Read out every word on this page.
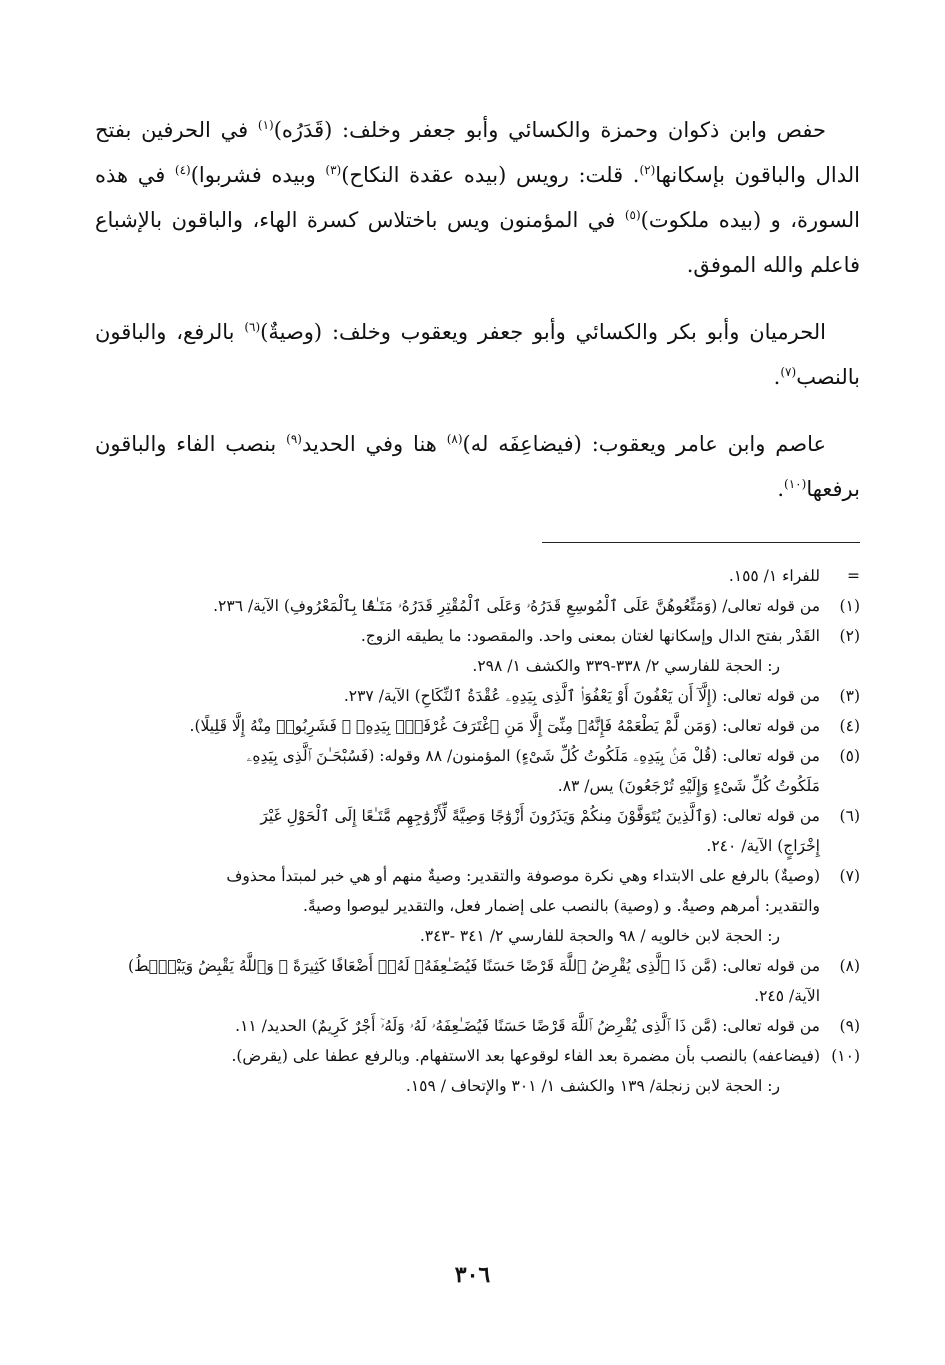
حفص وابن ذكوان وحمزة والكسائي وأبو جعفر وخلف: (قَدَرُه)$^{(١)}$ في الحرفين بفتح الدال والباقون بإسكانها$^{(٢)}$. قلت: رويس (بيده عقدة النكاح)$^{(٣)}$ وبيده فشربوا)$^{(٤)}$ في هذه السورة، و (بيده ملكوت)$^{(٥)}$ في المؤمنون ويس باختلاس كسرة الهاء، والباقون بالإشباع فاعلم والله الموفق.

الحرميان وأبو بكر والكسائي وأبو جعفر ويعقوب وخلف: (وصيةٌ)$^{(٦)}$ بالرفع، والباقون بالنصب$^{(٧)}$.

عاصم وابن عامر ويعقوب: (فيضاعِفَه له)$^{(٨)}$ هنا وفي الحديد$^{(٩)}$ بنصب الفاء والباقون برفعها$^{(١٠)}$.

=
للفراء ١/ ١٥٥.
(١)
من قوله تعالى/ (وَمَتِّعُوهُنَّ عَلَى ٱلْمُوسِعِ قَدَرُهُۥ وَعَلَى ٱلْمُقْتِرِ قَدَرُهُۥ مَتَـٰعًۢا بِٱلْمَعْرُوفِ) الآية/ ٢٣٦.
(٢)
القَدْر بفتح الدال وإسكانها لغتان بمعنى واحد. والمقصود: ما يطيقه الزوج.
ر: الحجة للفارسي ٢/ ٣٣٨-٣٣٩ والكشف ١/ ٢٩٨.
(٣)
من قوله تعالى: (إِلَّآ أَن يَعْفُونَ أَوْ يَعْفُوَا۟ ٱلَّذِى بِيَدِهِۦ عُقْدَةُ ٱلنِّكَاحِ) الآية/ ٢٣٧.
(٤)
من قوله تعالى: (وَمَن لَّمْ يَطْعَمْهُ فَإِنَّهُۥ مِنِّىٓ إِلَّا مَنِ ٱغْتَرَفَ غُرْفَةًۢ بِيَدِهِۦ ۚ فَشَرِبُوا۟ مِنْهُ إِلَّا قَلِيلًا).
(٥)
من قوله تعالى: (قُلْ مَنۢ بِيَدِهِۦ مَلَكُوتُ كُلِّ شَىْءٍ) المؤمنون/ ٨٨ وقوله: (فَسُبْحَـٰنَ ٱلَّذِى بِيَدِهِۦ
مَلَكُوتُ كُلِّ شَىْءٍ وَإِلَيْهِ تُرْجَعُونَ) يس/ ٨٣.
(٦)
من قوله تعالى: (وَٱلَّذِينَ يُتَوَفَّوْنَ مِنكُمْ وَيَذَرُونَ أَزْوَٰجًا وَصِيَّةً لِّأَزْوَٰجِهِم مَّتَـٰعًا إِلَى ٱلْحَوْلِ غَيْرَ
إِخْرَاجٍ) الآية/ ٢٤٠.
(٧)
(وصيةٌ) بالرفع على الابتداء وهي نكرة موصوفة والتقدير: وصيةٌ منهم أو هي خبر لمبتدأ محذوف
والتقدير: أمرهم وصيةٌ. و (وصية) بالنصب على إضمار فعل، والتقدير ليوصوا وصيةً.
ر: الحجة لابن خالويه / ٩٨ والحجة للفارسي ٢/ ٣٤١ -٣٤٣.
(٨)
من قوله تعالى: (مَّن ذَا ٱلَّذِى يُقْرِضُ ٱللَّهَ قَرْضًا حَسَنًا فَيُضَـٰعِفَهُۥ لَهُۥٓ أَضْعَافًا كَثِيرَةً ۚ وَٱللَّهُ يَقْبِضُ وَيَبْصُۜطُ)
الآية/ ٢٤٥.
(٩)
من قوله تعالى: (مَّن ذَا ٱلَّذِى يُقْرِضُ ٱللَّهَ قَرْضًا حَسَنًا فَيُضَـٰعِفَهُۥ لَهُۥ وَلَهُۥٓ أَجْرٌ كَرِيمٌ) الحديد/ ١١.
(١٠)
(فيضاعفه) بالنصب بأن مضمرة بعد الفاء لوقوعها بعد الاستفهام. وبالرفع عطفا على (يقرض).
ر: الحجة لابن زنجلة/ ١٣٩ والكشف ١/ ٣٠١ والإتحاف / ١٥٩.
٣٠٦
